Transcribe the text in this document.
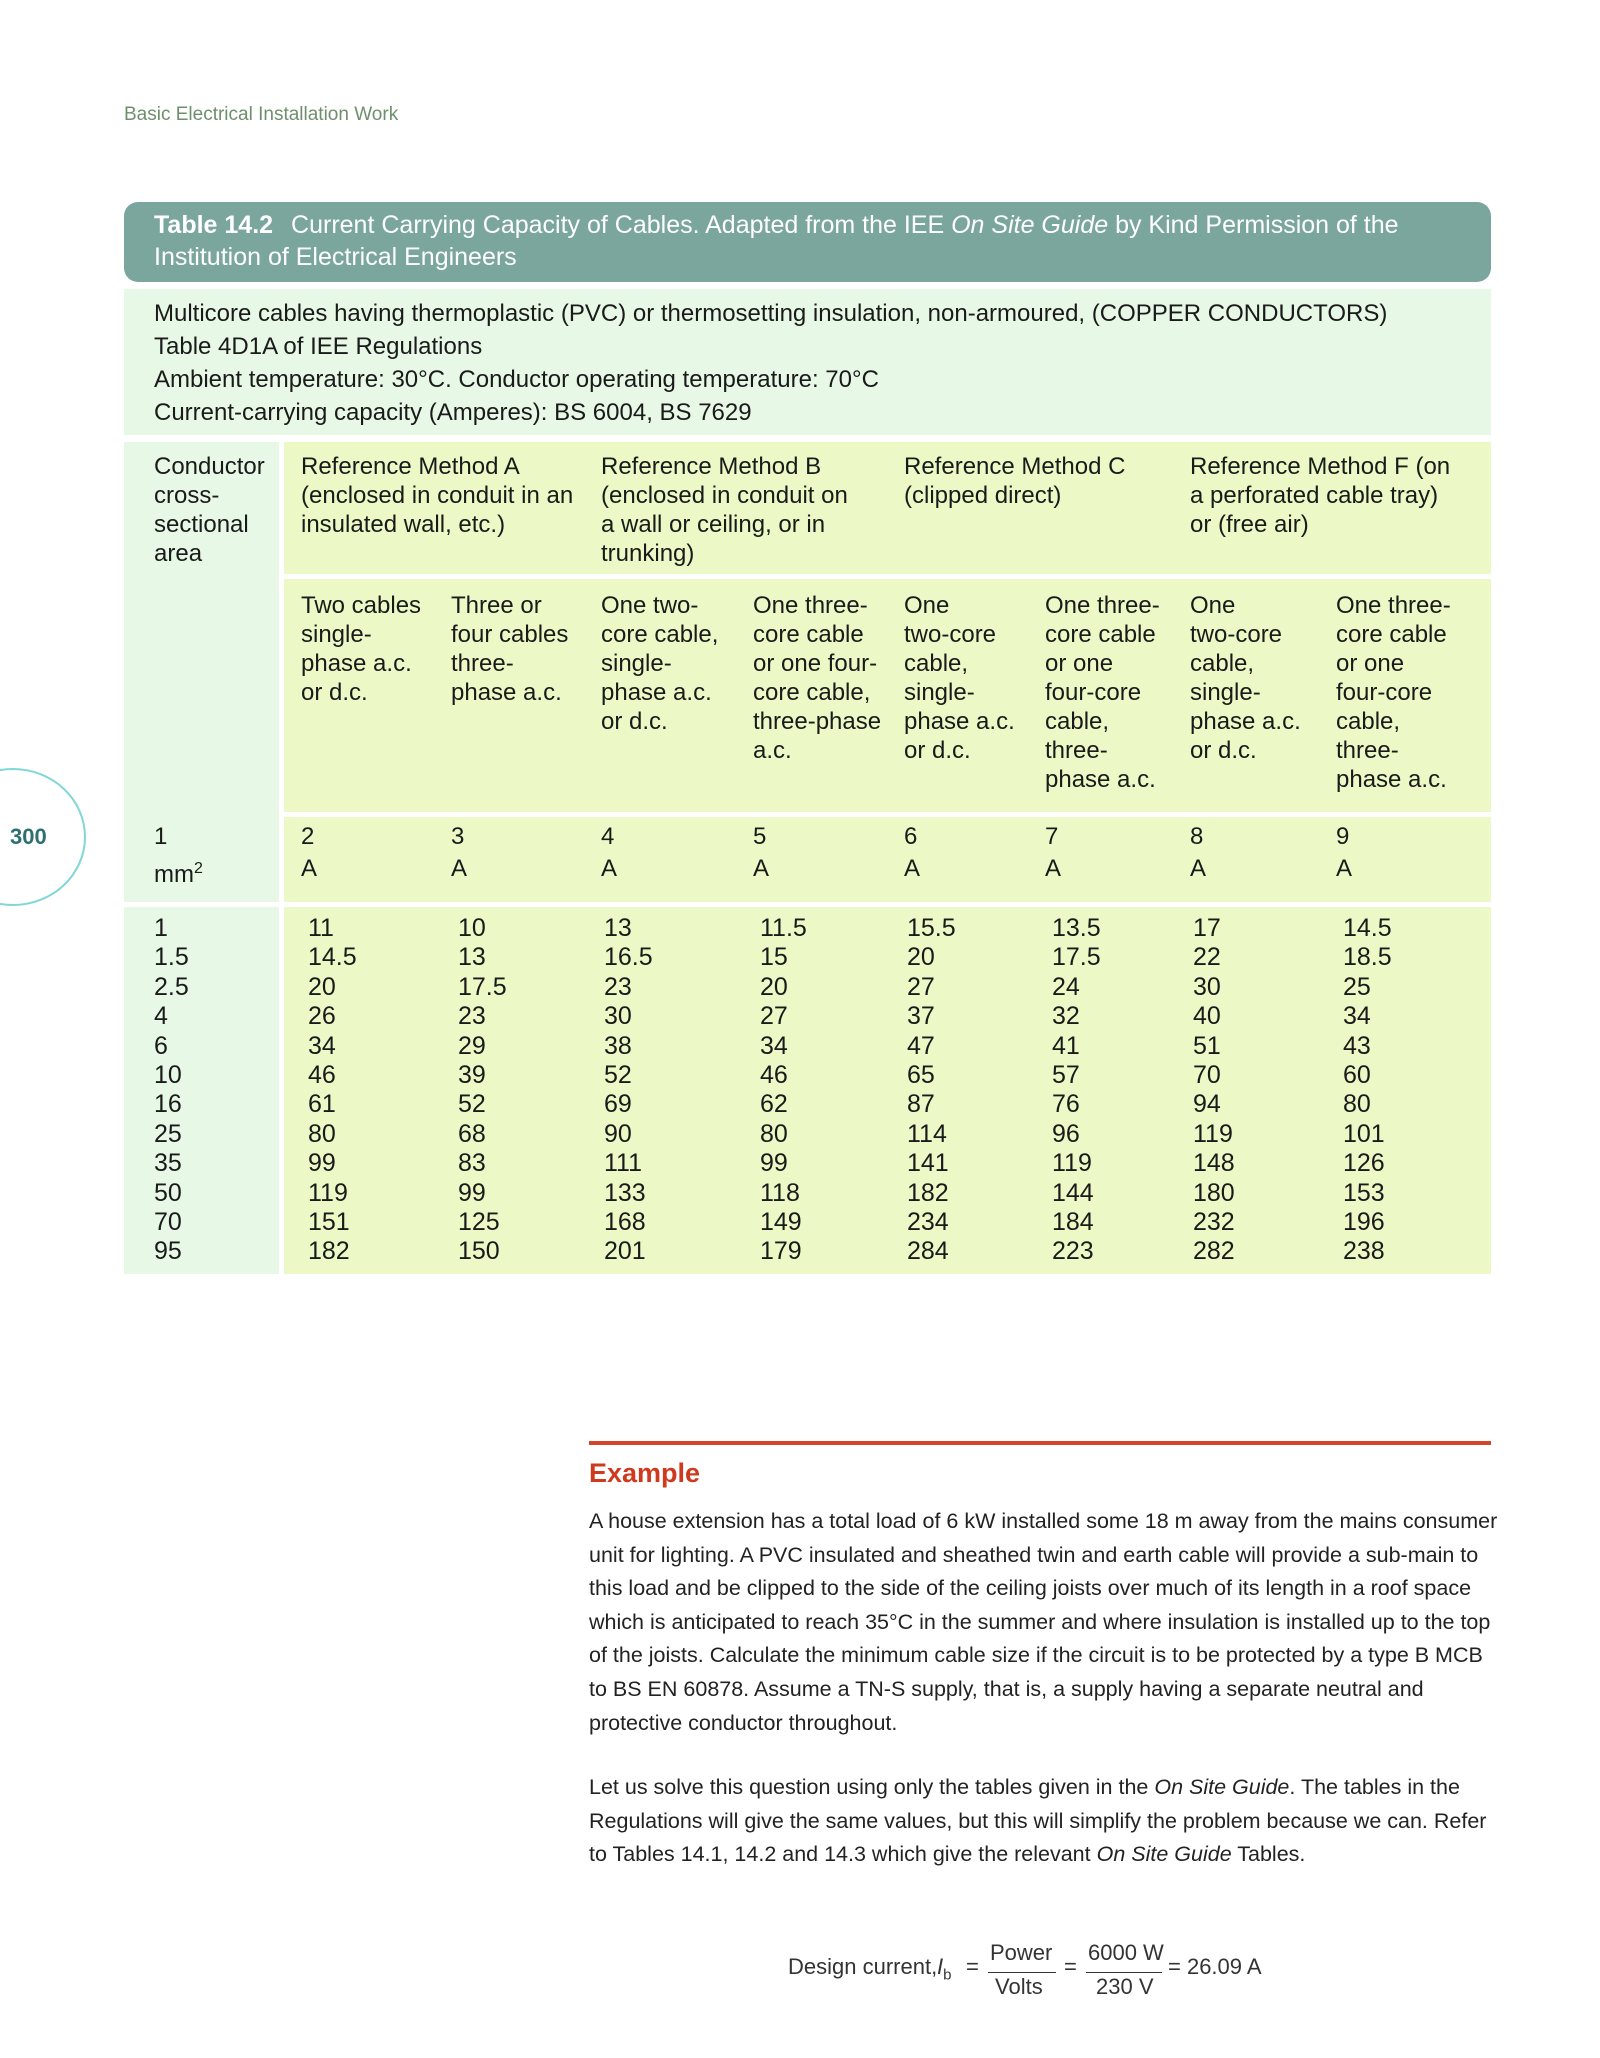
Basic Electrical Installation Work
300
Table 14.2 Current Carrying Capacity of Cables. Adapted from the IEE On Site Guide by Kind Permission of the
Institution of Electrical Engineers
Multicore cables having thermoplastic (PVC) or thermosetting insulation, non-armoured, (COPPER CONDUCTORS)
Table 4D1A of IEE Regulations
Ambient temperature: 30°C. Conductor operating temperature: 70°C
Current-carrying capacity (Amperes): BS 6004, BS 7629
Conductor
cross-
sectional
area
Reference Method A
(enclosed in conduit in an
insulated wall, etc.)
Reference Method B
(enclosed in conduit on
a wall or ceiling, or in
trunking)
Reference Method C
(clipped direct)
Reference Method F (on
a perforated cable tray)
or (free air)
Two cables
single-
phase a.c.
or d.c.
Three or
four cables
three-
phase a.c.
One two-
core cable,
single-
phase a.c.
or d.c.
One three-
core cable
or one four-
core cable,
three-phase
a.c.
One
two-core
cable,
single-
phase a.c.
or d.c.
One three-
core cable
or one
four-core
cable,
three-
phase a.c.
One
two-core
cable,
single-
phase a.c.
or d.c.
One three-
core cable
or one
four-core
cable,
three-
phase a.c.
1
$mm^2$
2
A
3
A
4
A
5
A
6
A
7
A
8
A
9
A
1
1.5
2.5
4
6
10
16
25
35
50
70
95
11
14.5
20
26
34
46
61
80
99
119
151
182
10
13
17.5
23
29
39
52
68
83
99
125
150
13
16.5
23
30
38
52
69
90
111
133
168
201
11.5
15
20
27
34
46
62
80
99
118
149
179
15.5
20
27
37
47
65
87
114
141
182
234
284
13.5
17.5
24
32
41
57
76
96
119
144
184
223
17
22
30
40
51
70
94
119
148
180
232
282
14.5
18.5
25
34
43
60
80
101
126
153
196
238
Example

A house extension has a total load of 6 kW installed some 18 m away from the mains consumer unit for lighting. A PVC insulated and sheathed twin and earth cable will provide a sub-main to this load and be clipped to the side of the ceiling joists over much of its length in a roof space which is anticipated to reach 35°C in the summer and where insulation is installed up to the top of the joists. Calculate the minimum cable size if the circuit is to be protected by a type B MCB to BS EN 60878. Assume a TN-S supply, that is, a supply having a separate neutral and protective conductor throughout.

Let us solve this question using only the tables given in the On Site Guide. The tables in the Regulations will give the same values, but this will simplify the problem because we can. Refer to Tables 14.1, 14.2 and 14.3 which give the relevant On Site Guide Tables.

Design current, $I_b$ =
Power
Volts
=
6000 W
230 V
= 26.09 A
